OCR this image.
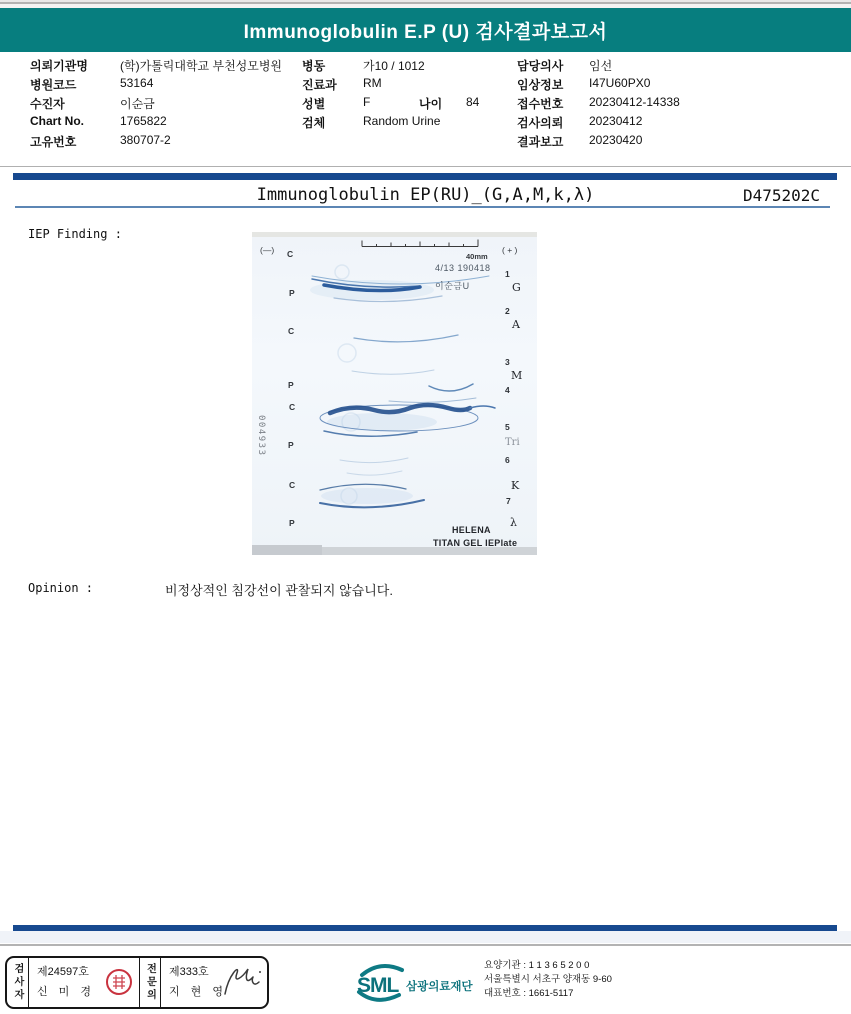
Immunoglobulin E.P (U) 검사결과보고서
의뢰기관명	(학)가톨릭대학교 부천성모병원
병원코드	53164
수진자	이순금
Chart No.	1765822
고유번호	380707-2
병동	가10 / 1012
진료과 RM
성별	F	나이 84
검체	Random Urine
담당의사 임선
임상정보 I47U60PX0
접수번호 20230412-14338
검사의뢰 20230412
결과보고 20230420
Immunoglobulin EP(RU)_(G,A,M,k,λ)	D475202C
IEP Finding :
(—)	( + )
40mm
4/13 190418
이순금U
004933
C
P
C
P
C
P
C
P
1
G
2
A
3
M
4
5
Tri
6
K
7
λ
HELENA
TITAN GEL IEPlate
Opinion :	비정상적인 침강선이 관찰되지 않습니다.
검사자	제24597호
신 미 경	전문의	제333호
지 현 영	SML 삼광의료재단
요양기관 : 1 1 3 6 5 2 0 0
서울특별시 서초구 양재동 9-60
대표번호 : 1661-5117
